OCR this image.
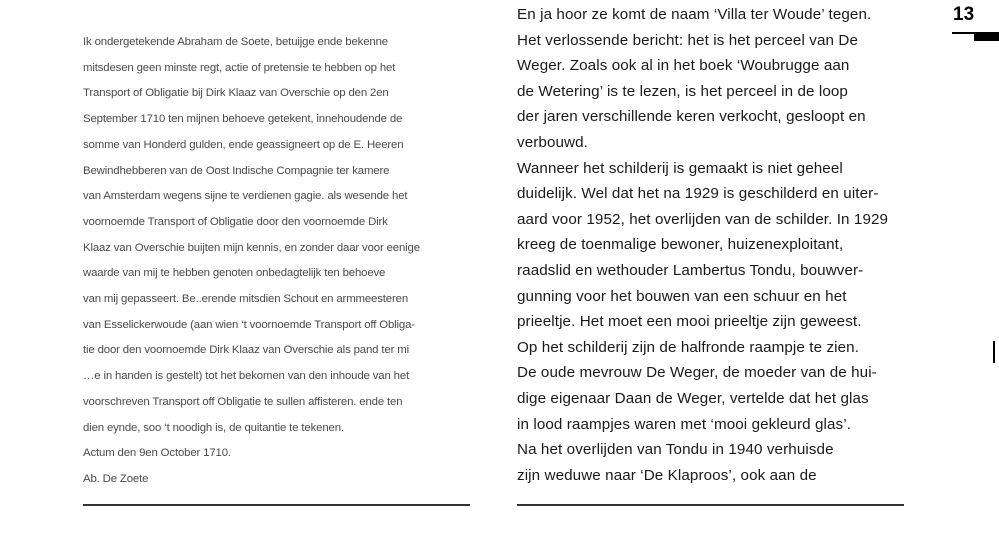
Ik ondergetekende Abraham de Soete, betuijge ende bekenne
mitsdesen geen minste regt, actie of pretensie te hebben op het
Transport of Obligatie bij Dirk Klaaz van Overschie op den 2en
September 1710 ten mijnen behoeve getekent, innehoudende de
somme van Honderd gulden, ende geassigneert op de E. Heeren
Bewindhebberen van de Oost Indische Compagnie ter kamere
van Amsterdam wegens sijne te verdienen gagie. als wesende het
voornoemde Transport of Obligatie door den voornoemde Dirk
Klaaz van Overschie buijten mijn kennis, en zonder daar voor eenige
waarde van mij te hebben genoten onbedagtelijk ten behoeve
van mij gepasseert. Be..erende mitsdien Schout en armmeesteren
van Esselickerwoude (aan wien ‘t voornoemde Transport off Obliga-
tie door den voornoemde Dirk Klaaz van Overschie als pand ter mi
…e in handen is gestelt) tot het bekomen van den inhoude van het
voorschreven Transport off Obligatie te sullen affisteren. ende ten
dien eynde, soo ‘t noodigh is, de quitantie te tekenen.
Actum den 9en October 1710.
Ab. De Zoete
En ja hoor ze komt de naam ‘Villa ter Woude’ tegen.
Het verlossende bericht: het is het perceel van De
Weger. Zoals ook al in het boek ‘Woubrugge aan
de Wetering’ is te lezen, is het perceel in de loop
der jaren verschillende keren verkocht, gesloopt en
verbouwd.
Wanneer het schilderij is gemaakt is niet geheel
duidelijk. Wel dat het na 1929 is geschilderd en uiter-
aard voor 1952, het overlijden van de schilder. In 1929
kreeg de toenmalige bewoner, huizenexploitant,
raadslid en wethouder Lambertus Tondu, bouwver-
gunning voor het bouwen van een schuur en het
prieeltje. Het moet een mooi prieeltje zijn geweest.
Op het schilderij zijn de halfronde raampje te zien.
De oude mevrouw De Weger, de moeder van de hui-
dige eigenaar Daan de Weger, vertelde dat het glas
in lood raampjes waren met ‘mooi gekleurd glas’.
Na het overlijden van Tondu in 1940 verhuisde
zijn weduwe naar ‘De Klaproos’, ook aan de
13
